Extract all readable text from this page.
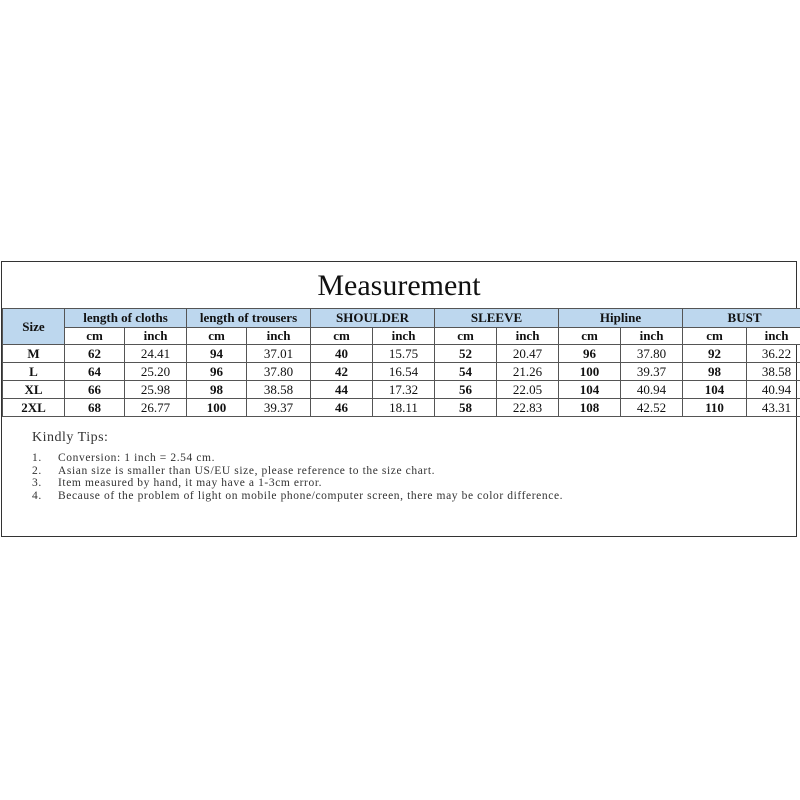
Measurement
Size	length of cloths		length of trousers		SHOULDER		SLEEVE		Hipline		BUST	
	cm	inch	cm	inch	cm	inch	cm	inch	cm	inch	cm	inch
M	62	24.41	94	37.01	40	15.75	52	20.47	96	37.80	92	36.22
L	64	25.20	96	37.80	42	16.54	54	21.26	100	39.37	98	38.58
XL	66	25.98	98	38.58	44	17.32	56	22.05	104	40.94	104	40.94
2XL	68	26.77	100	39.37	46	18.11	58	22.83	108	42.52	110	43.31
Kindly Tips:
1. Conversion: 1 inch = 2.54 cm.
2. Asian size is smaller than US/EU size, please reference to the size chart.
3. Item measured by hand, it may have a 1-3cm error.
4. Because of the problem of light on mobile phone/computer screen, there may be color difference.
